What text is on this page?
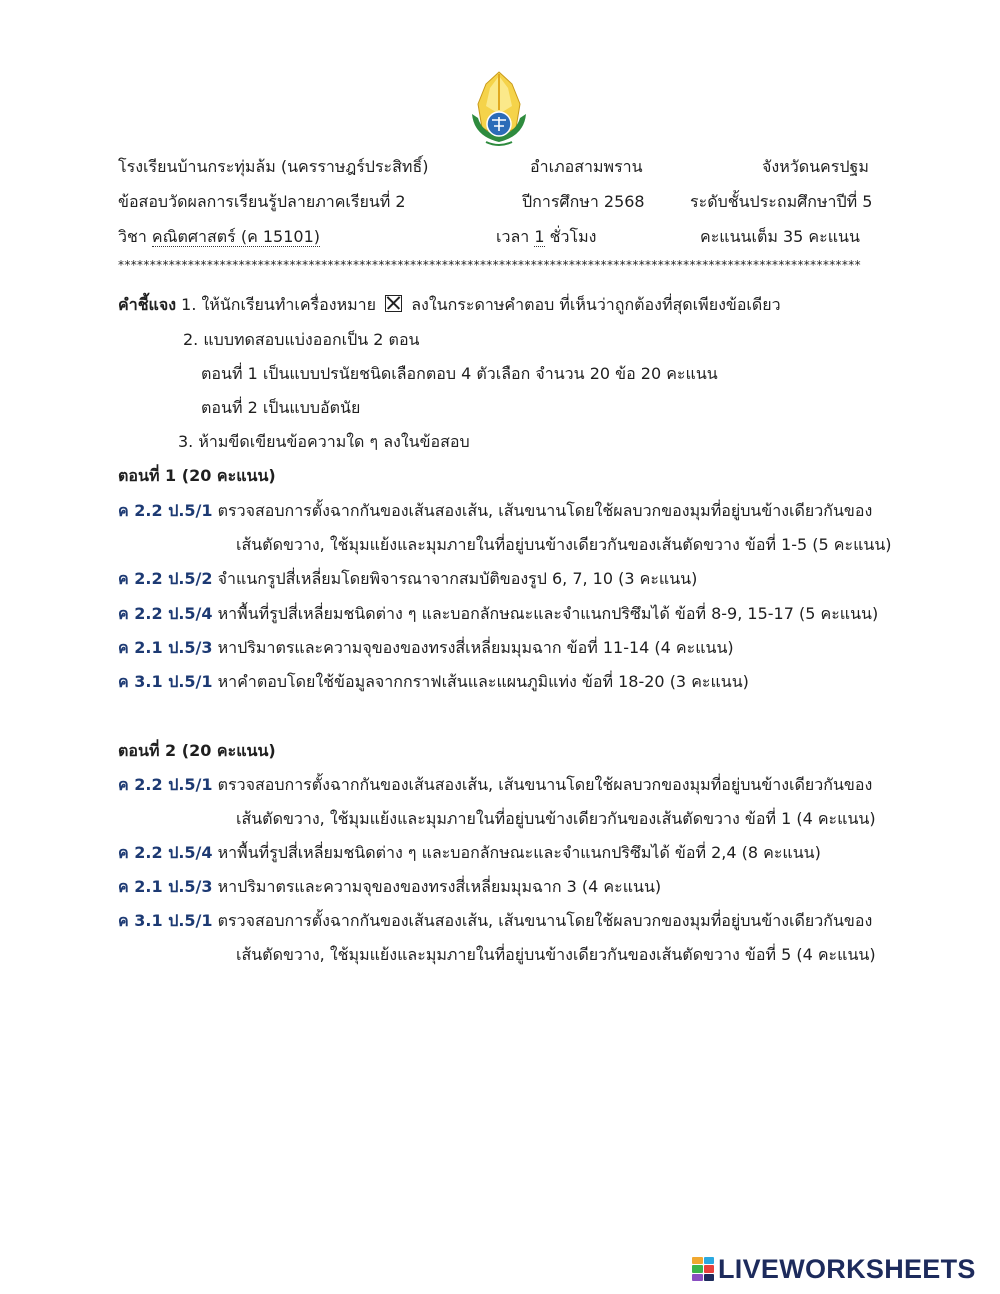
โรงเรียนบ้านกระทุ่มล้ม (นครราษฎร์ประสิทธิ์)	อำเภอสามพราน	จังหวัดนครปฐม
ข้อสอบวัดผลการเรียนรู้ปลายภาคเรียนที่ 2	ปีการศึกษา 2568	ระดับชั้นประถมศึกษาปีที่ 5
วิชา คณิตศาสตร์ (ค 15101)	เวลา 1 ชั่วโมง	คะแนนเต็ม 35 คะแนน
*********************************************************************************************************************
คำชี้แจง 1. ให้นักเรียนทำเครื่องหมาย ลงในกระดาษคำตอบ ที่เห็นว่าถูกต้องที่สุดเพียงข้อเดียว
2. แบบทดสอบแบ่งออกเป็น 2 ตอน
ตอนที่ 1 เป็นแบบปรนัยชนิดเลือกตอบ 4 ตัวเลือก จำนวน 20 ข้อ 20 คะแนน
ตอนที่ 2 เป็นแบบอัตนัย
3. ห้ามขีดเขียนข้อความใด ๆ ลงในข้อสอบ
ตอนที่ 1 (20 คะแนน)
ค 2.2 ป.5/1 ตรวจสอบการตั้งฉากกันของเส้นสองเส้น, เส้นขนานโดยใช้ผลบวกของมุมที่อยู่บนข้างเดียวกันของ
เส้นตัดขวาง, ใช้มุมแย้งและมุมภายในที่อยู่บนข้างเดียวกันของเส้นตัดขวาง ข้อที่ 1-5 (5 คะแนน)
ค 2.2 ป.5/2 จำแนกรูปสี่เหลี่ยมโดยพิจารณาจากสมบัติของรูป 6, 7, 10 (3 คะแนน)
ค 2.2 ป.5/4 หาพื้นที่รูปสี่เหลี่ยมชนิดต่าง ๆ และบอกลักษณะและจำแนกปริซึมได้ ข้อที่ 8-9, 15-17 (5 คะแนน)
ค 2.1 ป.5/3 หาปริมาตรและความจุของของทรงสี่เหลี่ยมมุมฉาก ข้อที่ 11-14 (4 คะแนน)
ค 3.1 ป.5/1 หาคำตอบโดยใช้ข้อมูลจากกราฟเส้นและแผนภูมิแท่ง ข้อที่ 18-20 (3 คะแนน)
ตอนที่ 2 (20 คะแนน)
ค 2.2 ป.5/1 ตรวจสอบการตั้งฉากกันของเส้นสองเส้น, เส้นขนานโดยใช้ผลบวกของมุมที่อยู่บนข้างเดียวกันของ
เส้นตัดขวาง, ใช้มุมแย้งและมุมภายในที่อยู่บนข้างเดียวกันของเส้นตัดขวาง ข้อที่ 1 (4 คะแนน)
ค 2.2 ป.5/4 หาพื้นที่รูปสี่เหลี่ยมชนิดต่าง ๆ และบอกลักษณะและจำแนกปริซึมได้ ข้อที่ 2,4 (8 คะแนน)
ค 2.1 ป.5/3 หาปริมาตรและความจุของของทรงสี่เหลี่ยมมุมฉาก 3 (4 คะแนน)
ค 3.1 ป.5/1 ตรวจสอบการตั้งฉากกันของเส้นสองเส้น, เส้นขนานโดยใช้ผลบวกของมุมที่อยู่บนข้างเดียวกันของ
เส้นตัดขวาง, ใช้มุมแย้งและมุมภายในที่อยู่บนข้างเดียวกันของเส้นตัดขวาง ข้อที่ 5 (4 คะแนน)
LIVEWORKSHEETS
